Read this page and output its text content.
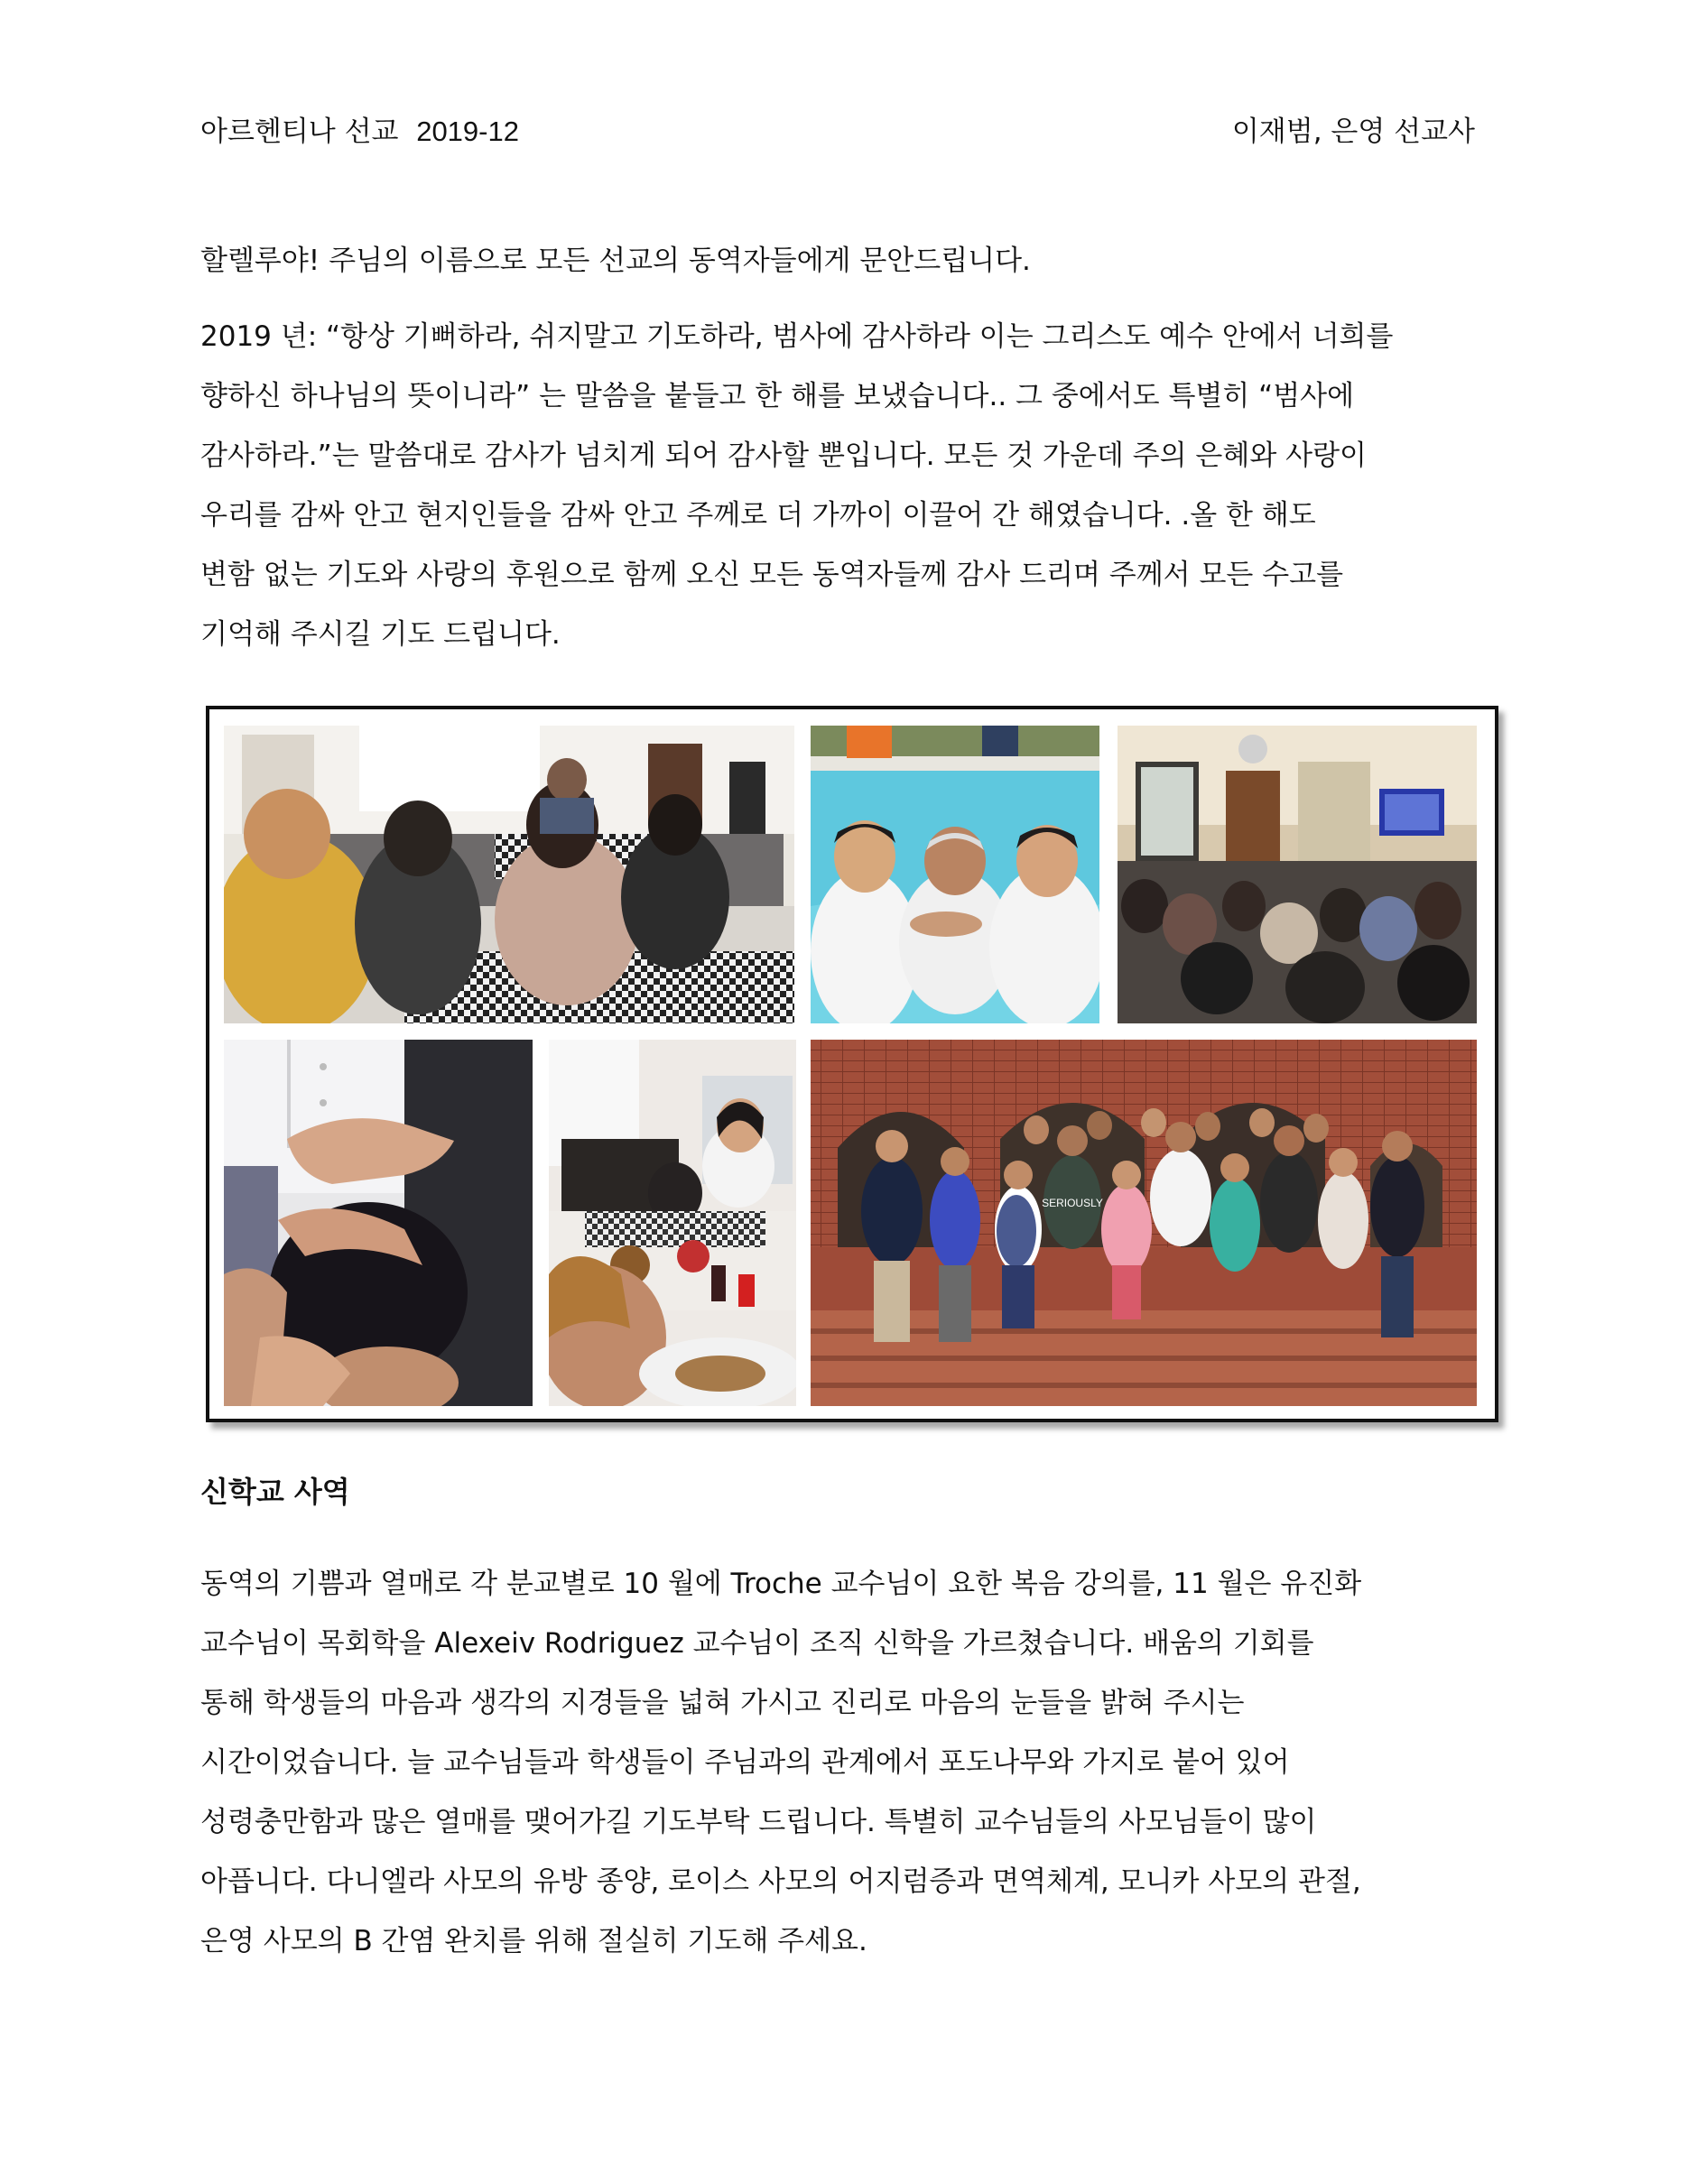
아르헨티나 선교 2019-12	이재범, 은영 선교사

할렐루야! 주님의 이름으로 모든 선교의 동역자들에게 문안드립니다.

2019 년: “항상 기뻐하라, 쉬지말고 기도하라, 범사에 감사하라 이는 그리스도 예수 안에서 너희를

향하신 하나님의 뜻이니라” 는 말씀을 붙들고 한 해를 보냈습니다.. 그 중에서도 특별히 “범사에

감사하라.”는 말씀대로 감사가 넘치게 되어 감사할 뿐입니다. 모든 것 가운데 주의 은혜와 사랑이

우리를 감싸 안고 현지인들을 감싸 안고 주께로 더 가까이 이끌어 간 해였습니다. .올 한 해도

변함 없는 기도와 사랑의 후원으로 함께 오신 모든 동역자들께 감사 드리며 주께서 모든 수고를

기억해 주시길 기도 드립니다.

SERIOUSLY
신학교 사역

동역의 기쁨과 열매로 각 분교별로 10 월에 Troche 교수님이 요한 복음 강의를, 11 월은 유진화

교수님이 목회학을 Alexeiv Rodriguez 교수님이 조직 신학을 가르쳤습니다. 배움의 기회를

통해 학생들의 마음과 생각의 지경들을 넓혀 가시고 진리로 마음의 눈들을 밝혀 주시는

시간이었습니다. 늘 교수님들과 학생들이 주님과의 관계에서 포도나무와 가지로 붙어 있어

성령충만함과 많은 열매를 맺어가길 기도부탁 드립니다. 특별히 교수님들의 사모님들이 많이

아픕니다. 다니엘라 사모의 유방 종양, 로이스 사모의 어지럼증과 면역체계, 모니카 사모의 관절,

은영 사모의 B 간염 완치를 위해 절실히 기도해 주세요.
